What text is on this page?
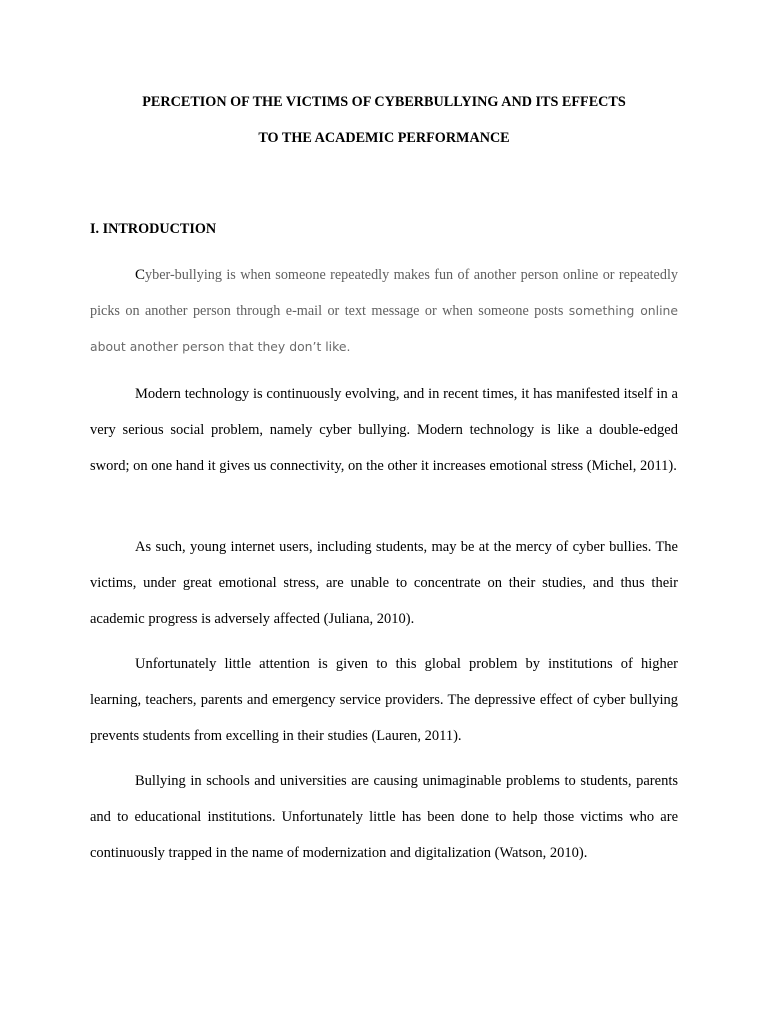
PERCETION OF THE VICTIMS OF CYBERBULLYING AND ITS EFFECTS
TO THE ACADEMIC PERFORMANCE
I. INTRODUCTION

Cyber-bullying is when someone repeatedly makes fun of another person online or repeatedly picks on another person through e-mail or text message or when someone posts something online about another person that they don’t like.

Modern technology is continuously evolving, and in recent times, it has manifested itself in a very serious social problem, namely cyber bullying. Modern technology is like a double-edged sword; on one hand it gives us connectivity, on the other it increases emotional stress (Michel, 2011).

As such, young internet users, including students, may be at the mercy of cyber bullies. The victims, under great emotional stress, are unable to concentrate on their studies, and thus their academic progress is adversely affected (Juliana, 2010).

Unfortunately little attention is given to this global problem by institutions of higher learning, teachers, parents and emergency service providers. The depressive effect of cyber bullying prevents students from excelling in their studies (Lauren, 2011).

Bullying in schools and universities are causing unimaginable problems to students, parents and to educational institutions. Unfortunately little has been done to help those victims who are continuously trapped in the name of modernization and digitalization (Watson, 2010).
